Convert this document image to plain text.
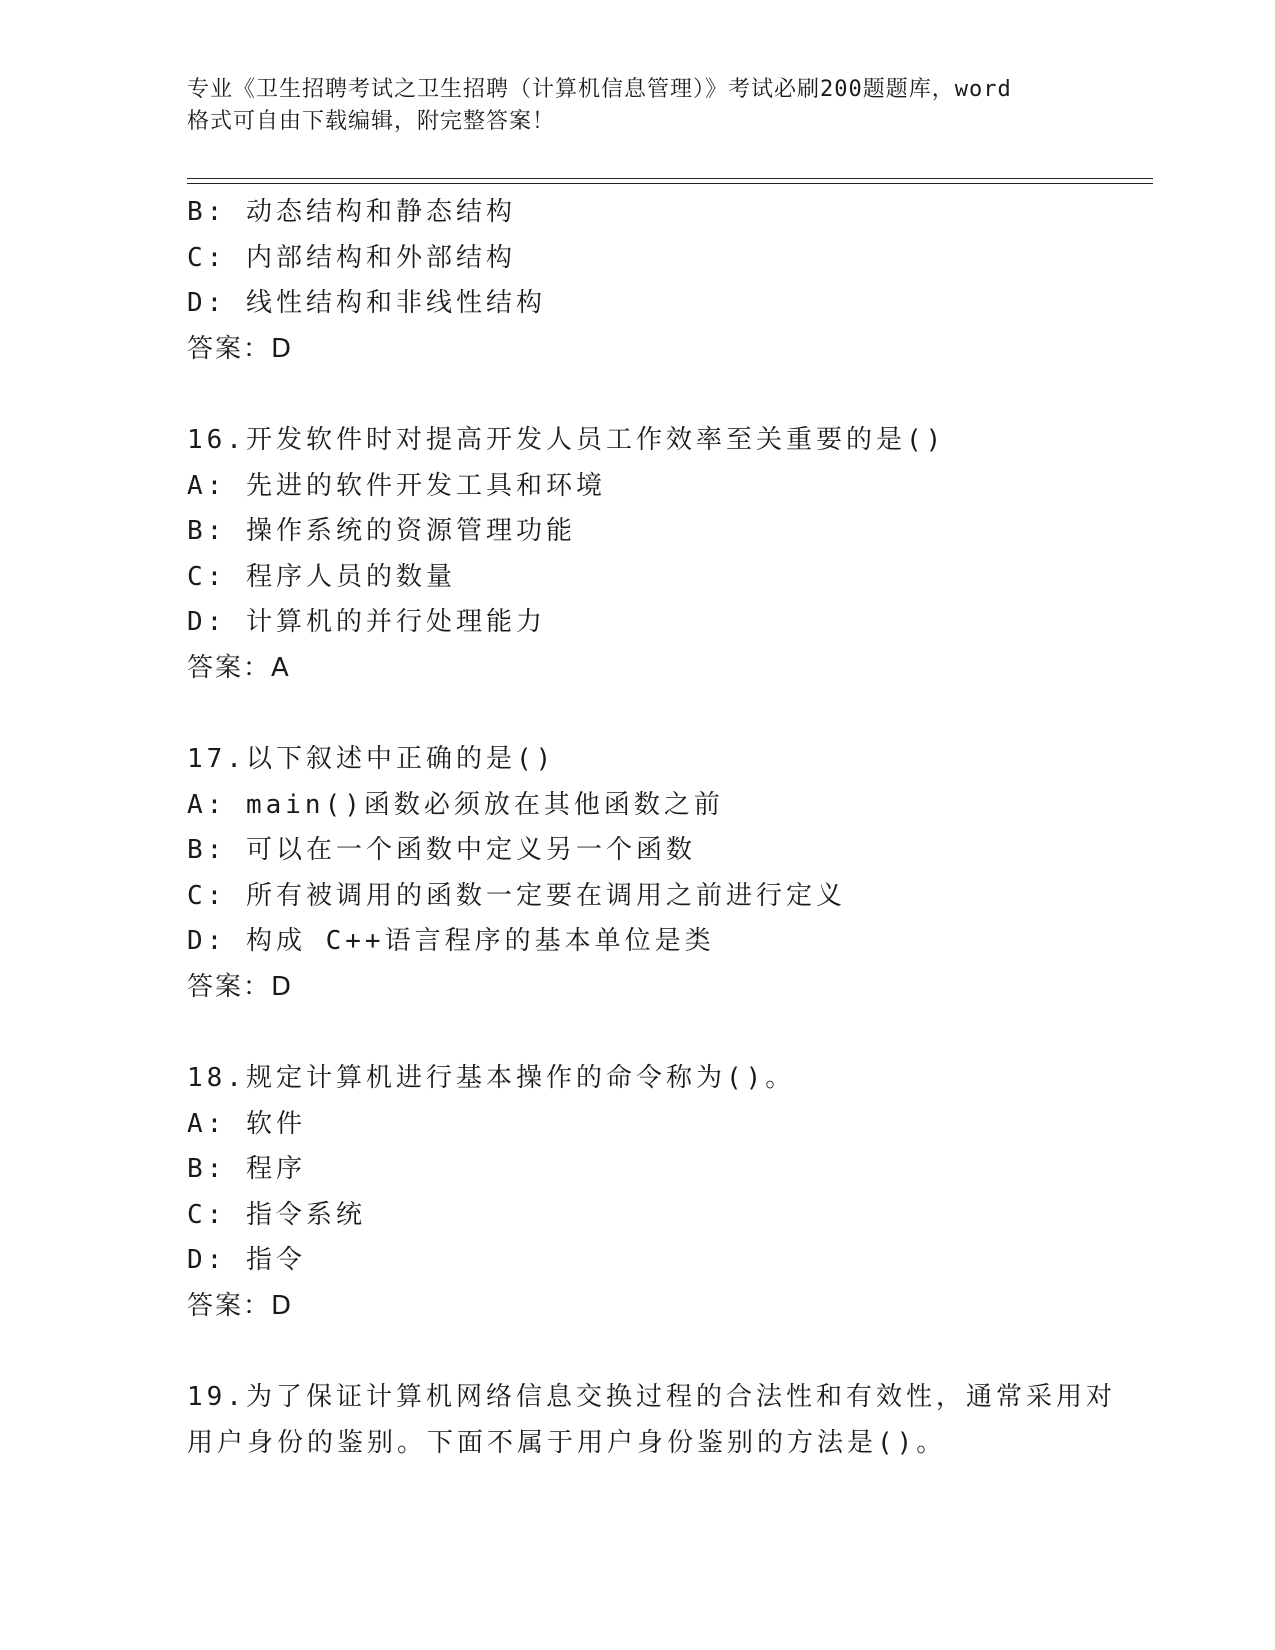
专业《卫生招聘考试之卫生招聘（计算机信息管理）》考试必刷200题题库，word
格式可自由下载编辑，附完整答案！
B: 动态结构和静态结构
C: 内部结构和外部结构
D: 线性结构和非线性结构
答案：D
16.开发软件时对提高开发人员工作效率至关重要的是()
A: 先进的软件开发工具和环境
B: 操作系统的资源管理功能
C: 程序人员的数量
D: 计算机的并行处理能力
答案：A
17.以下叙述中正确的是()
A: main()函数必须放在其他函数之前
B: 可以在一个函数中定义另一个函数
C: 所有被调用的函数一定要在调用之前进行定义
D: 构成 C++语言程序的基本单位是类
答案：D
18.规定计算机进行基本操作的命令称为()。
A: 软件
B: 程序
C: 指令系统
D: 指令
答案：D
19.为了保证计算机网络信息交换过程的合法性和有效性，通常采用对
用户身份的鉴别。下面不属于用户身份鉴别的方法是()。
